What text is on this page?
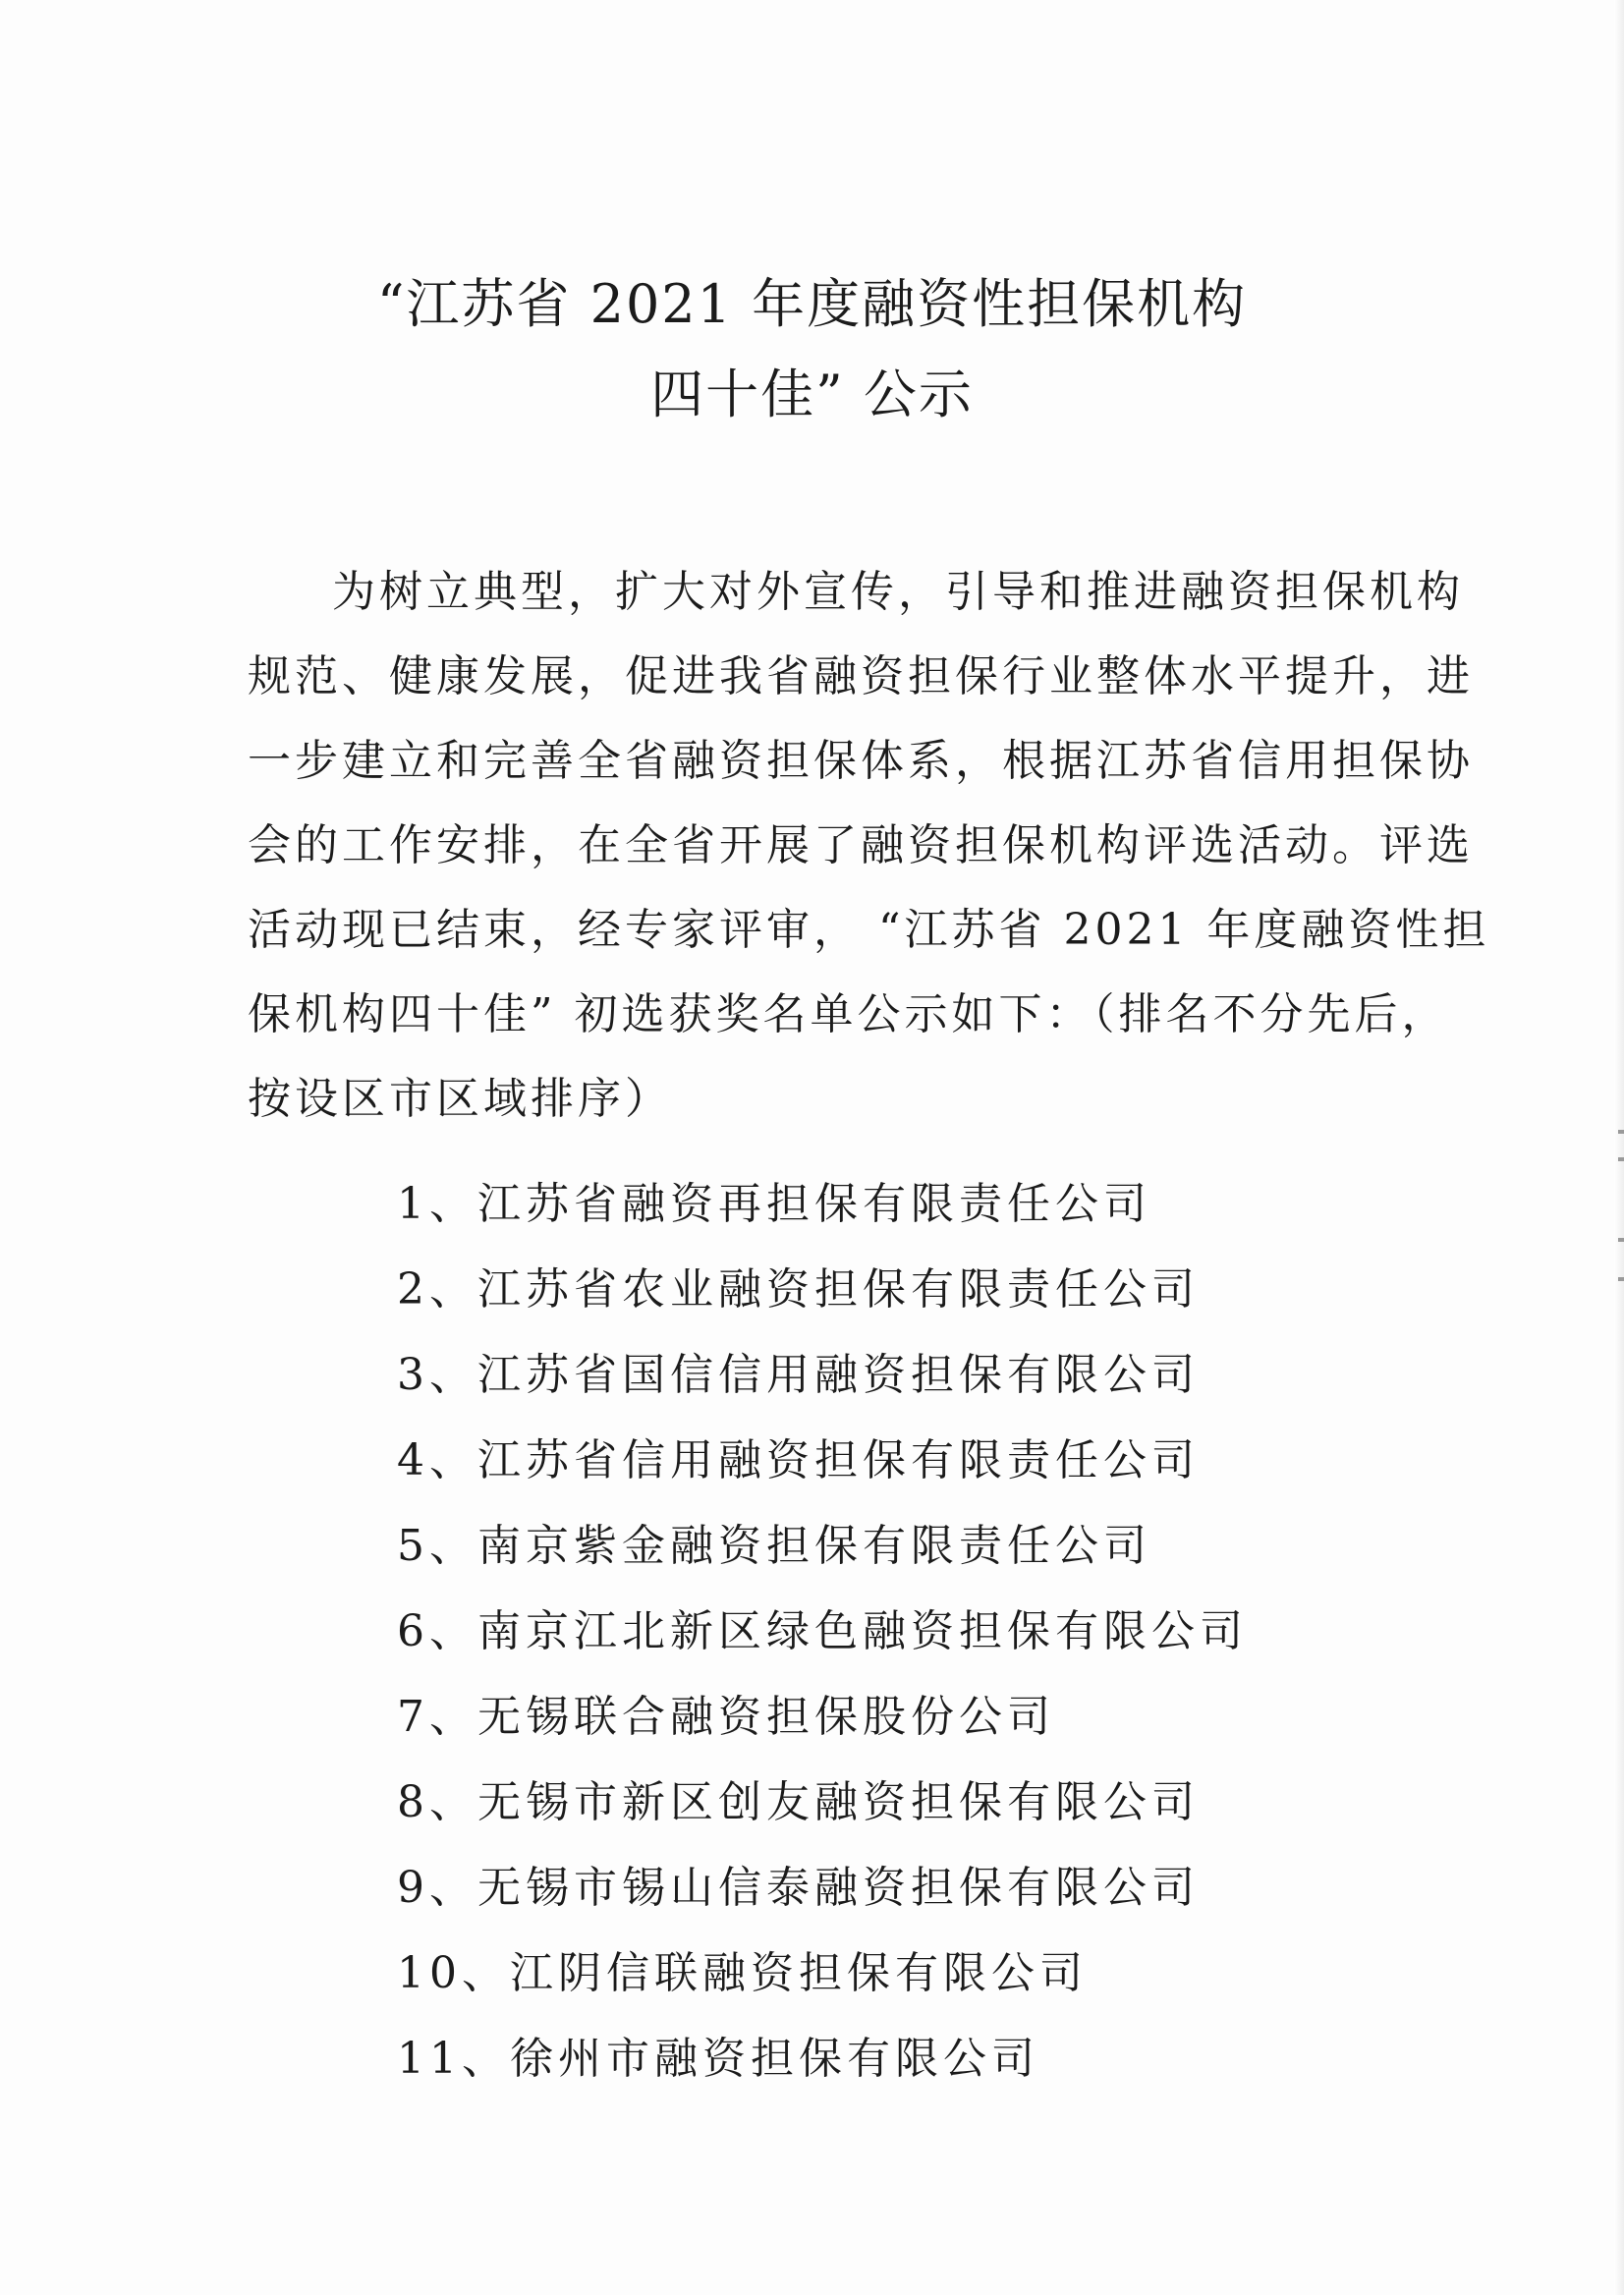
“江苏省 2021 年度融资性担保机构
四十佳” 公示
为树立典型，扩大对外宣传，引导和推进融资担保机构
规范、健康发展，促进我省融资担保行业整体水平提升，进
一步建立和完善全省融资担保体系，根据江苏省信用担保协
会的工作安排，在全省开展了融资担保机构评选活动。评选
活动现已结束，经专家评审， “江苏省 2021 年度融资性担
保机构四十佳” 初选获奖名单公示如下：（排名不分先后，
按设区市区域排序）
1、江苏省融资再担保有限责任公司
2、江苏省农业融资担保有限责任公司
3、江苏省国信信用融资担保有限公司
4、江苏省信用融资担保有限责任公司
5、南京紫金融资担保有限责任公司
6、南京江北新区绿色融资担保有限公司
7、无锡联合融资担保股份公司
8、无锡市新区创友融资担保有限公司
9、无锡市锡山信泰融资担保有限公司
10、江阴信联融资担保有限公司
11、徐州市融资担保有限公司
